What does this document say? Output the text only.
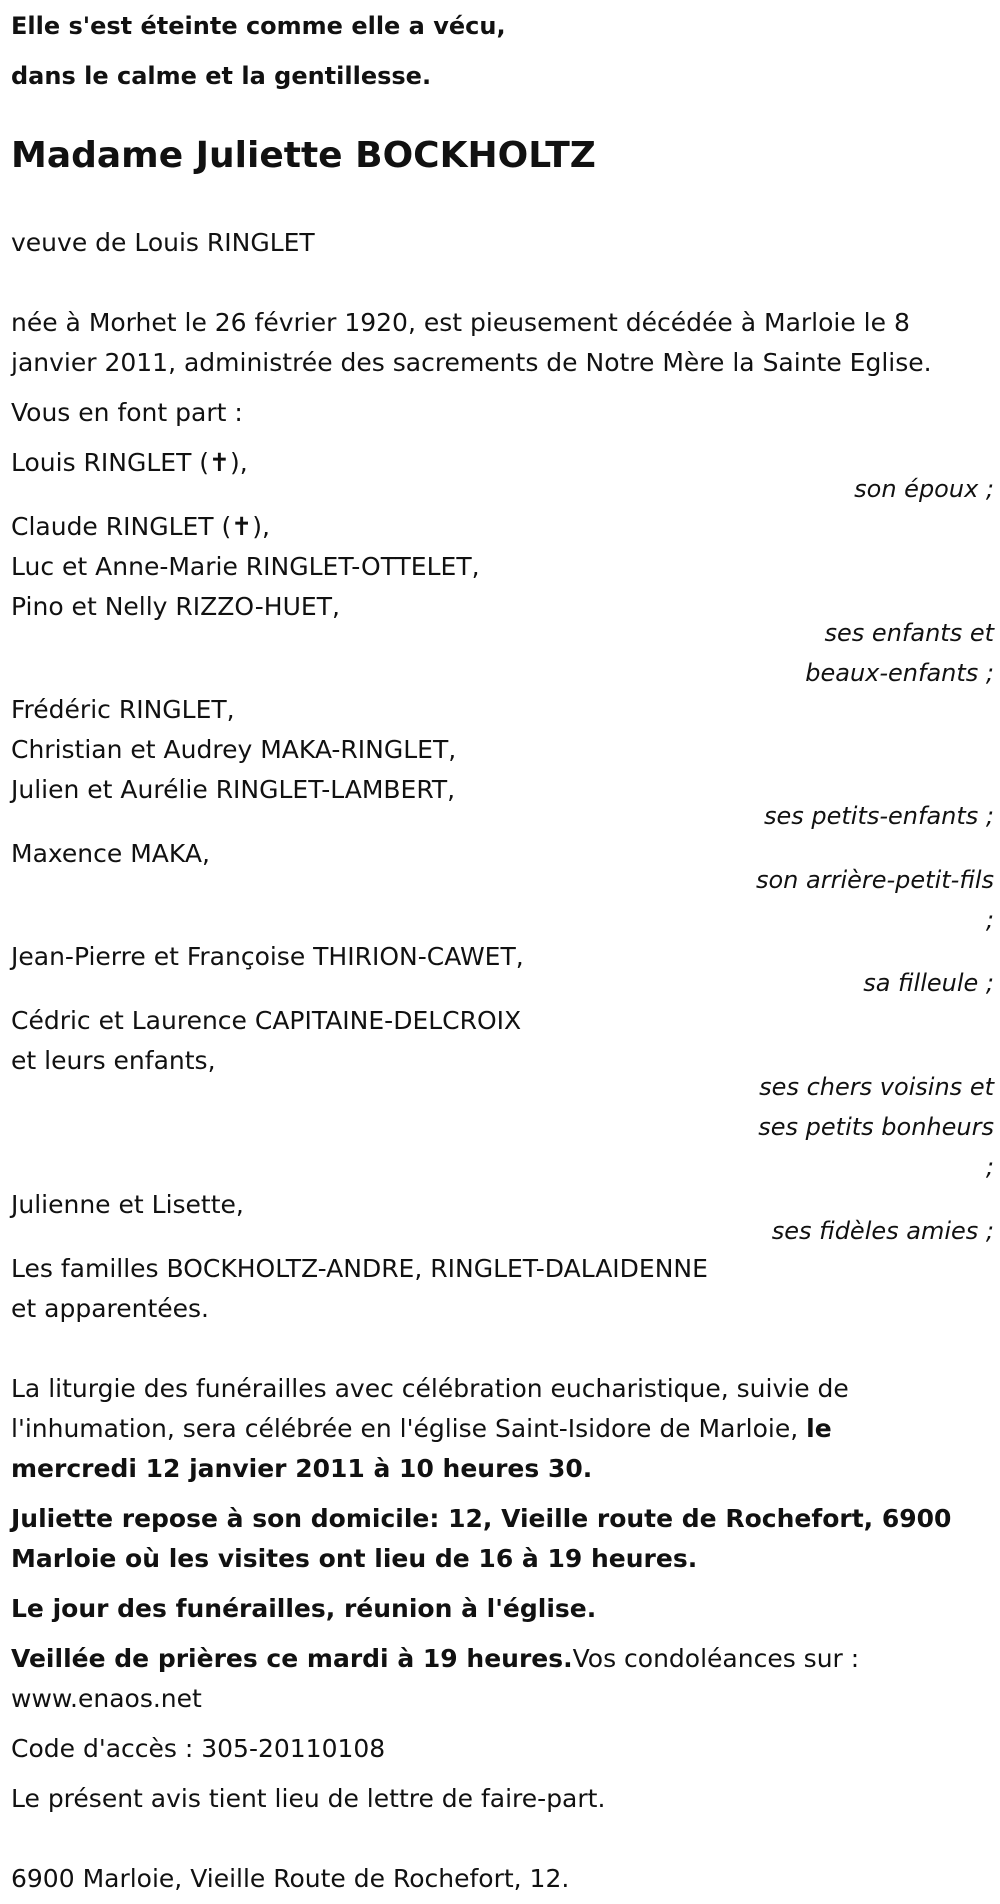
Elle s'est éteinte comme elle a vécu,
dans le calme et la gentillesse.
Madame Juliette BOCKHOLTZ
veuve de Louis RINGLET
née à Morhet le 26 février 1920, est pieusement décédée à Marloie le 8
janvier 2011, administrée des sacrements de Notre Mère la Sainte Eglise.
Vous en font part :
Louis RINGLET (✝),
son époux ;
Claude RINGLET (✝),
Luc et Anne-Marie RINGLET-OTTELET,
Pino et Nelly RIZZO-HUET,
ses enfants et
beaux-enfants ;
Frédéric RINGLET,
Christian et Audrey MAKA-RINGLET,
Julien et Aurélie RINGLET-LAMBERT,
ses petits-enfants ;
Maxence MAKA,
son arrière-petit-fils
;
Jean-Pierre et Françoise THIRION-CAWET,
sa filleule ;
Cédric et Laurence CAPITAINE-DELCROIX
et leurs enfants,
ses chers voisins et
ses petits bonheurs
;
Julienne et Lisette,
ses fidèles amies ;
Les familles BOCKHOLTZ-ANDRE, RINGLET-DALAIDENNE
et apparentées.
La liturgie des funérailles avec célébration eucharistique, suivie de
l'inhumation, sera célébrée en l'église Saint-Isidore de Marloie, le
mercredi 12 janvier 2011 à 10 heures 30.
Juliette repose à son domicile: 12, Vieille route de Rochefort, 6900
Marloie où les visites ont lieu de 16 à 19 heures.
Le jour des funérailles, réunion à l'église.
Veillée de prières ce mardi à 19 heures.Vos condoléances sur :
www.enaos.net
Code d'accès : 305-20110108
Le présent avis tient lieu de lettre de faire-part.
6900 Marloie, Vieille Route de Rochefort, 12.
